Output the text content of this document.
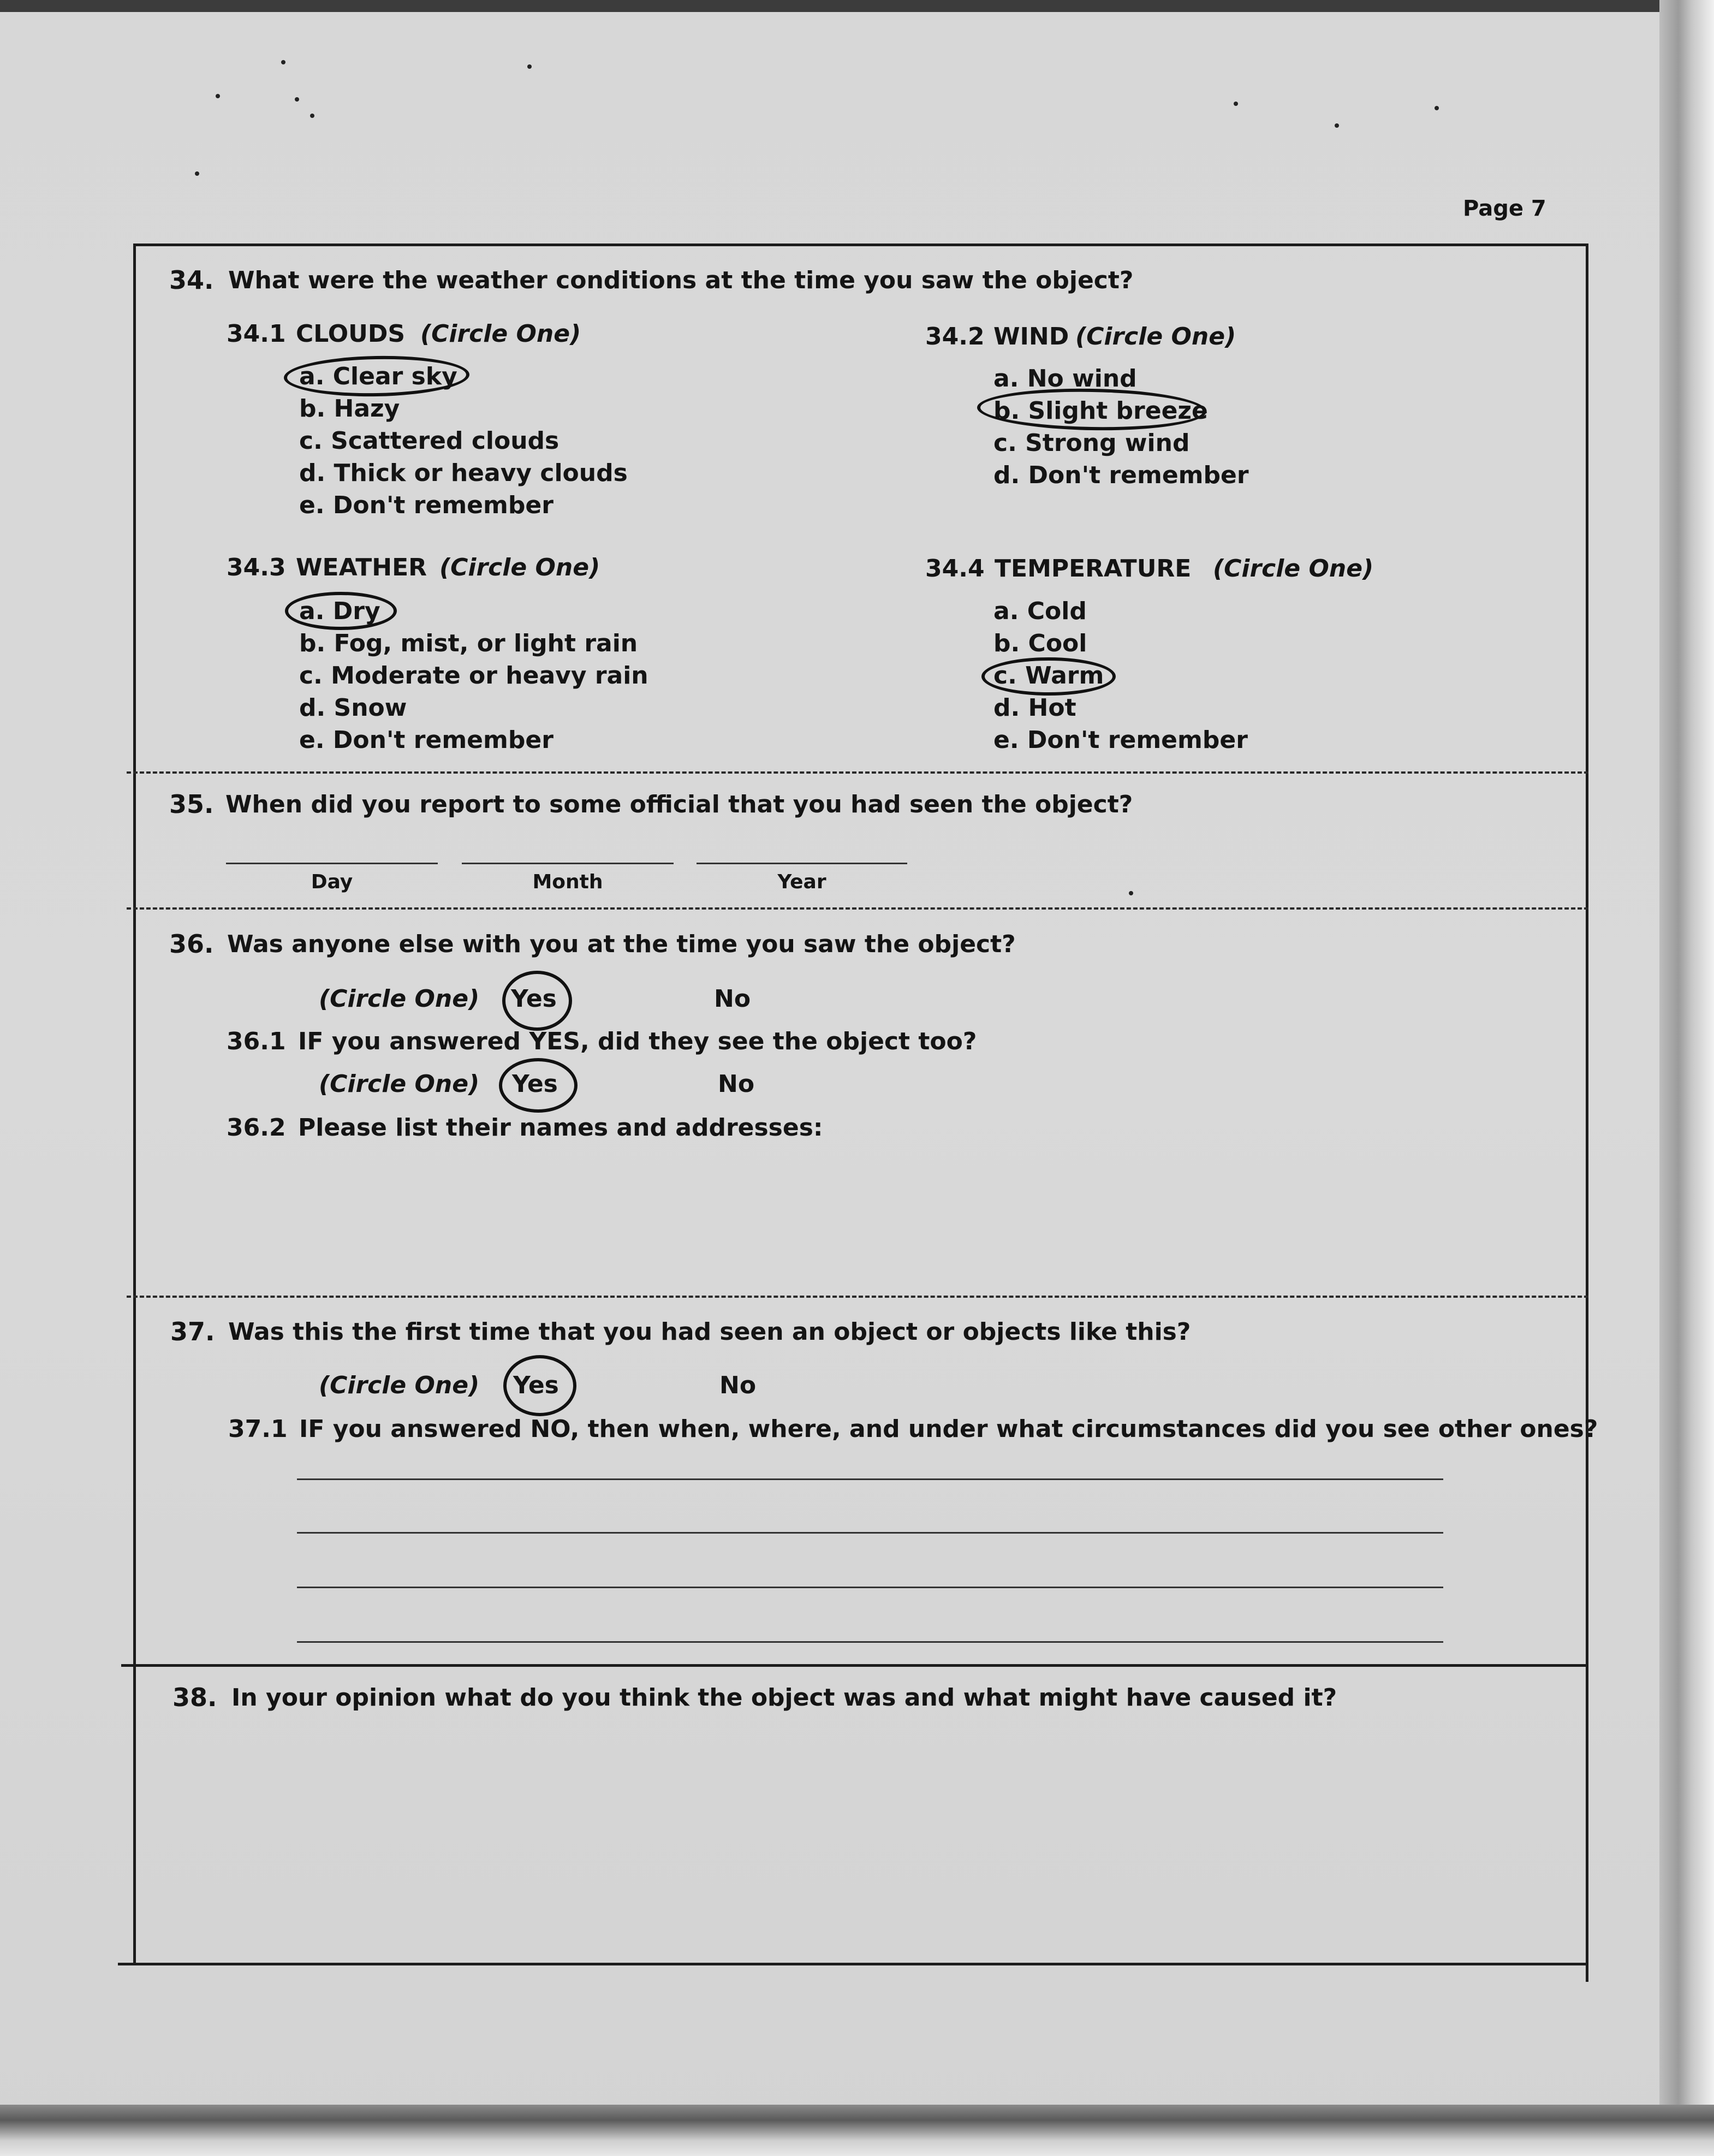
Page 7
34. What were the weather conditions at the time you saw the object?
34.1 CLOUDS (Circle One)
a. Clear sky
b. Hazy
c. Scattered clouds
d. Thick or heavy clouds
e. Don't remember
34.2 WIND (Circle One)
a. No wind
b. Slight breeze
c. Strong wind
d. Don't remember
34.3 WEATHER (Circle One)
a. Dry
b. Fog, mist, or light rain
c. Moderate or heavy rain
d. Snow
e. Don't remember
34.4 TEMPERATURE (Circle One)
a. Cold
b. Cool
c. Warm
d. Hot
e. Don't remember
35. When did you report to some official that you had seen the object?
Day	Month	Year
36. Was anyone else with you at the time you saw the object?
(Circle One) Yes	No
36.1 IF you answered YES, did they see the object too?
(Circle One) Yes	No
36.2 Please list their names and addresses:
37. Was this the first time that you had seen an object or objects like this?
(Circle One) Yes	No
37.1 IF you answered NO, then when, where, and under what circumstances did you see other ones?
38. In your opinion what do you think the object was and what might have caused it?
